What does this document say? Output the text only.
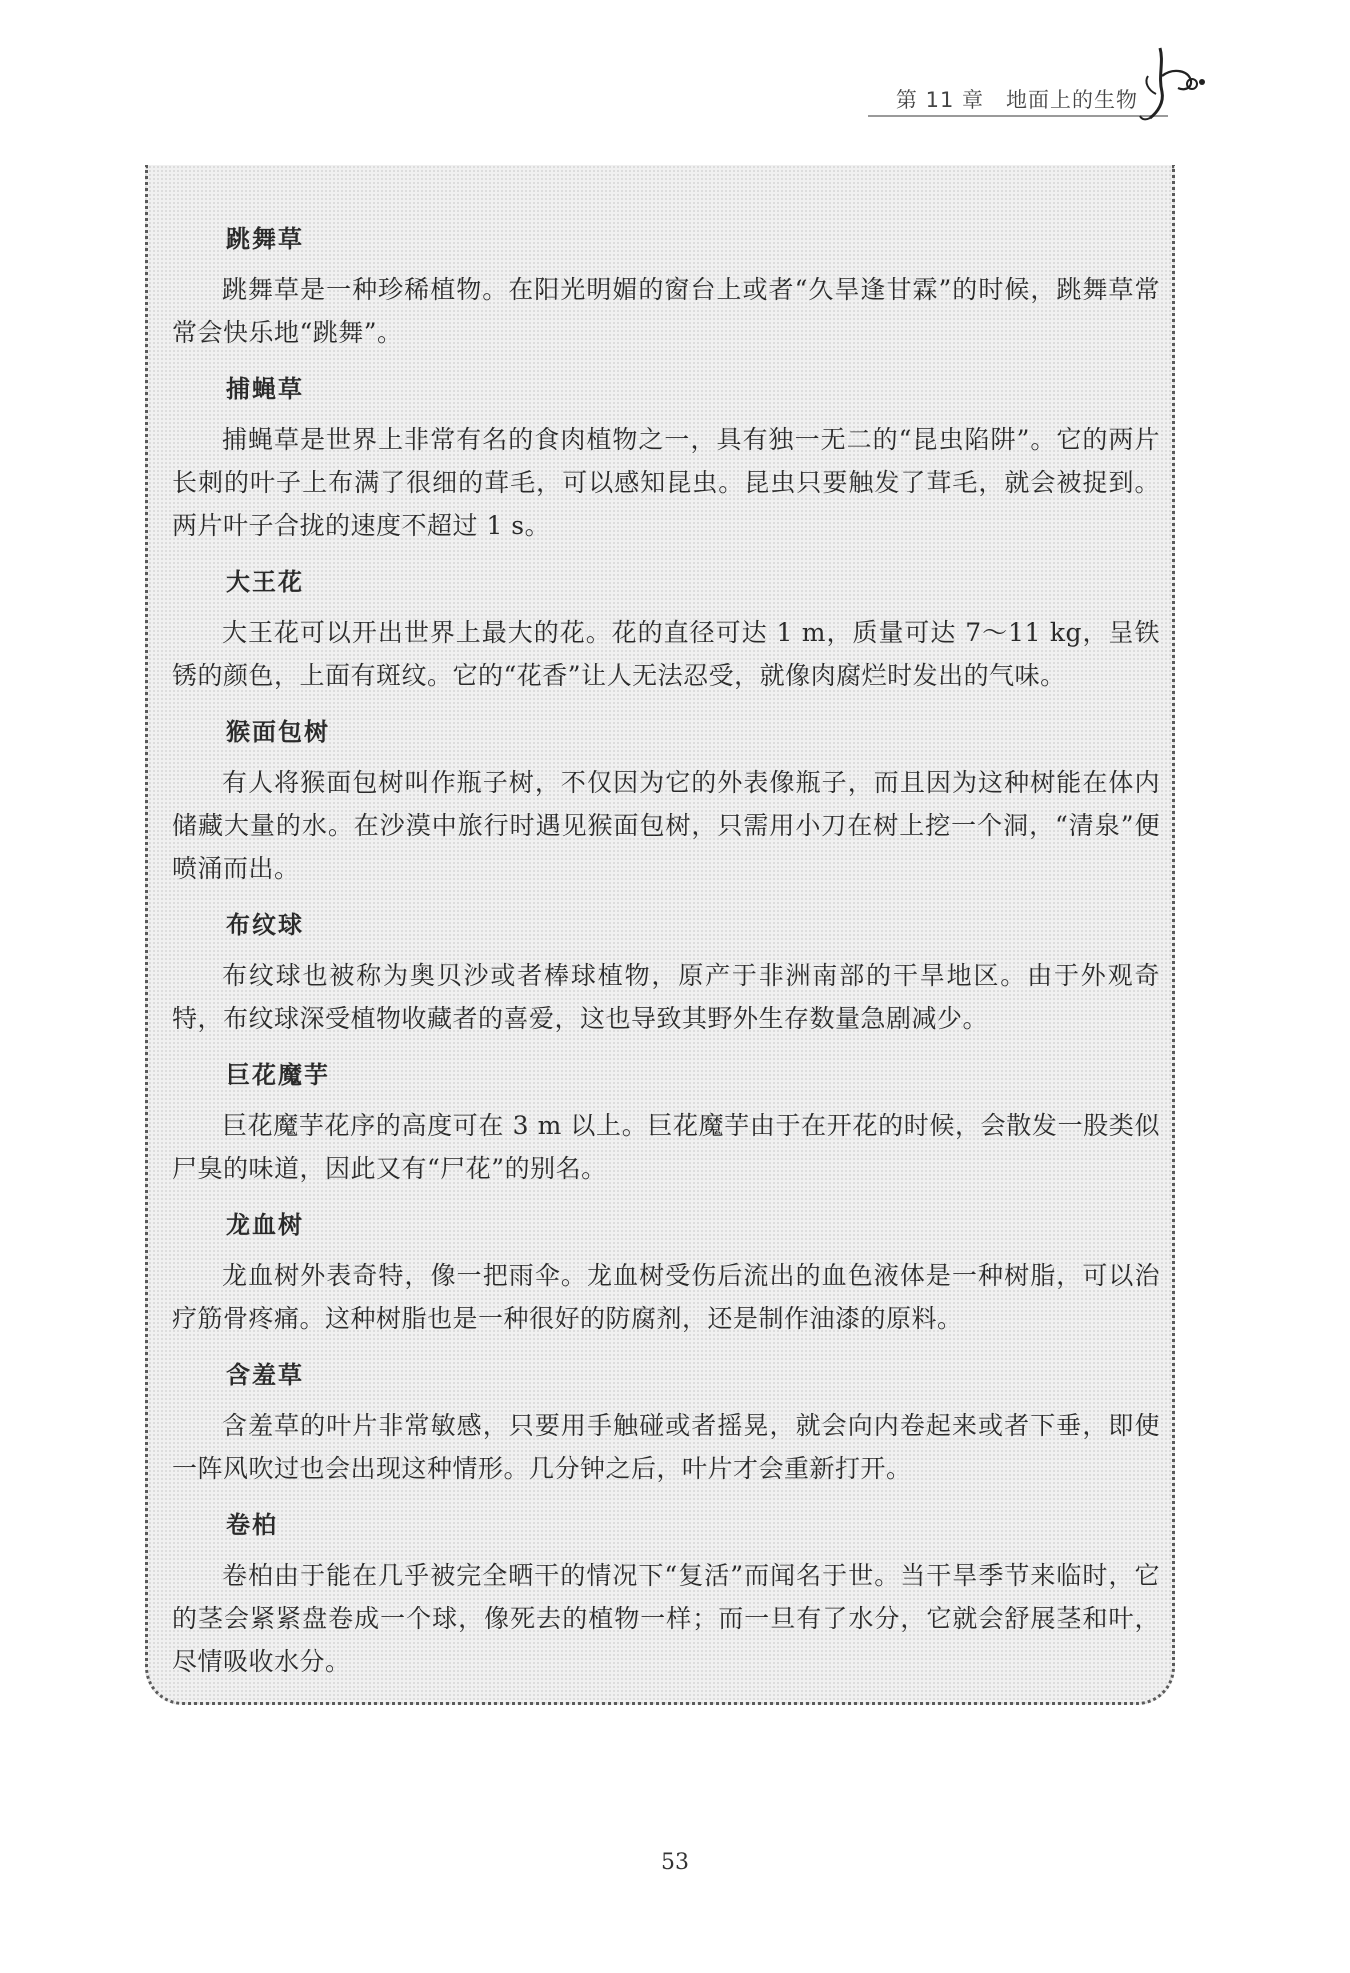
第 11 章 地面上的生物
跳舞草
跳舞草是一种珍稀植物。在阳光明媚的窗台上或者“久旱逢甘霖”的时候，跳舞草常常会快乐地“跳舞”。
捕蝇草
捕蝇草是世界上非常有名的食肉植物之一，具有独一无二的“昆虫陷阱”。它的两片长刺的叶子上布满了很细的茸毛，可以感知昆虫。昆虫只要触发了茸毛，就会被捉到。两片叶子合拢的速度不超过 1 s。
大王花
大王花可以开出世界上最大的花。花的直径可达 1 m，质量可达 7～11 kg，呈铁锈的颜色，上面有斑纹。它的“花香”让人无法忍受，就像肉腐烂时发出的气味。
猴面包树
有人将猴面包树叫作瓶子树，不仅因为它的外表像瓶子，而且因为这种树能在体内储藏大量的水。在沙漠中旅行时遇见猴面包树，只需用小刀在树上挖一个洞，“清泉”便喷涌而出。
布纹球
布纹球也被称为奥贝沙或者棒球植物，原产于非洲南部的干旱地区。由于外观奇特，布纹球深受植物收藏者的喜爱，这也导致其野外生存数量急剧减少。
巨花魔芋
巨花魔芋花序的高度可在 3 m 以上。巨花魔芋由于在开花的时候，会散发一股类似尸臭的味道，因此又有“尸花”的别名。
龙血树
龙血树外表奇特，像一把雨伞。龙血树受伤后流出的血色液体是一种树脂，可以治疗筋骨疼痛。这种树脂也是一种很好的防腐剂，还是制作油漆的原料。
含羞草
含羞草的叶片非常敏感，只要用手触碰或者摇晃，就会向内卷起来或者下垂，即使一阵风吹过也会出现这种情形。几分钟之后，叶片才会重新打开。
卷柏
卷柏由于能在几乎被完全晒干的情况下“复活”而闻名于世。当干旱季节来临时，它的茎会紧紧盘卷成一个球，像死去的植物一样；而一旦有了水分，它就会舒展茎和叶，尽情吸收水分。
53
